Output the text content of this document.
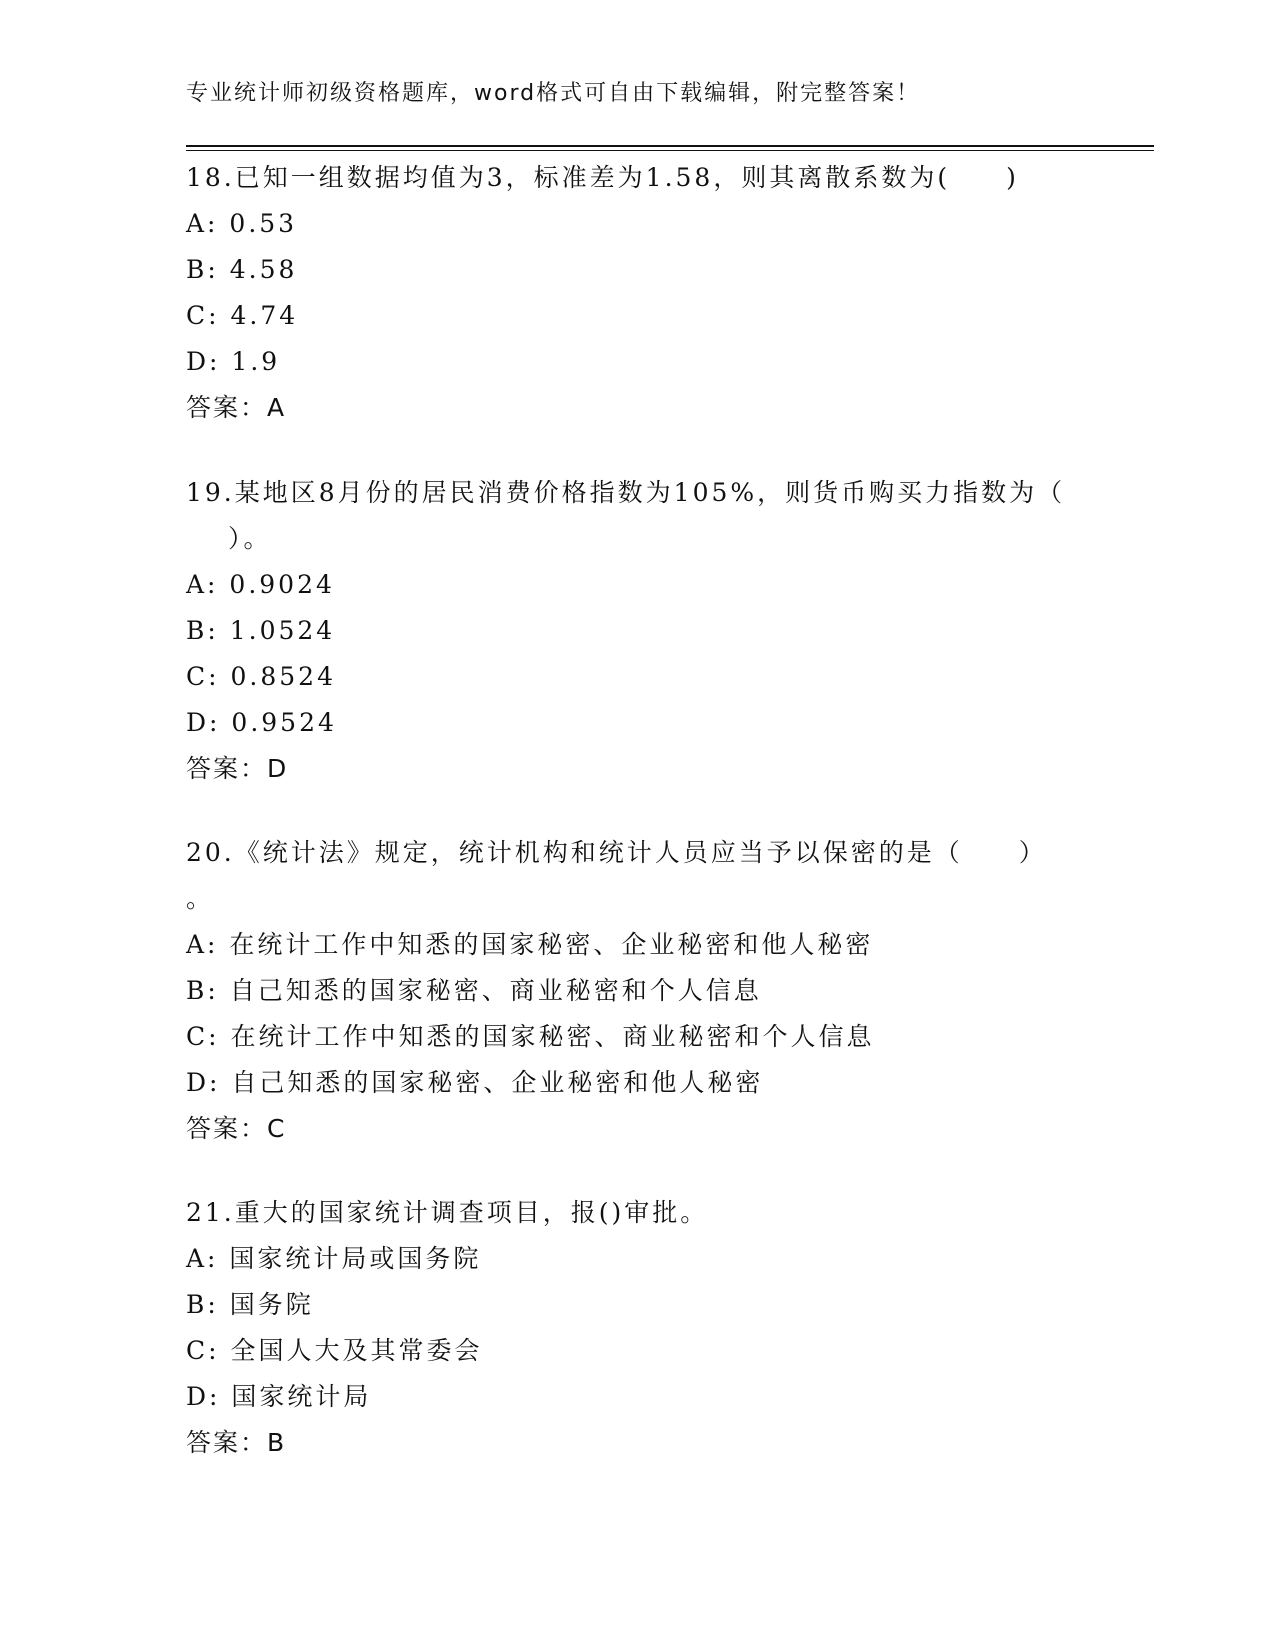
专业统计师初级资格题库，word格式可自由下载编辑，附完整答案！
18.已知一组数据均值为3，标准差为1.58，则其离散系数为(　　)
A: 0.53
B: 4.58
C: 4.74
D: 1.9
答案：A
19.某地区8月份的居民消费价格指数为105%，则货币购买力指数为（
）。
A: 0.9024
B: 1.0524
C: 0.8524
D: 0.9524
答案：D
20.《统计法》规定，统计机构和统计人员应当予以保密的是（　　）
。
A: 在统计工作中知悉的国家秘密、企业秘密和他人秘密
B: 自己知悉的国家秘密、商业秘密和个人信息
C: 在统计工作中知悉的国家秘密、商业秘密和个人信息
D: 自己知悉的国家秘密、企业秘密和他人秘密
答案：C
21.重大的国家统计调查项目，报()审批。
A: 国家统计局或国务院
B: 国务院
C: 全国人大及其常委会
D: 国家统计局
答案：B
